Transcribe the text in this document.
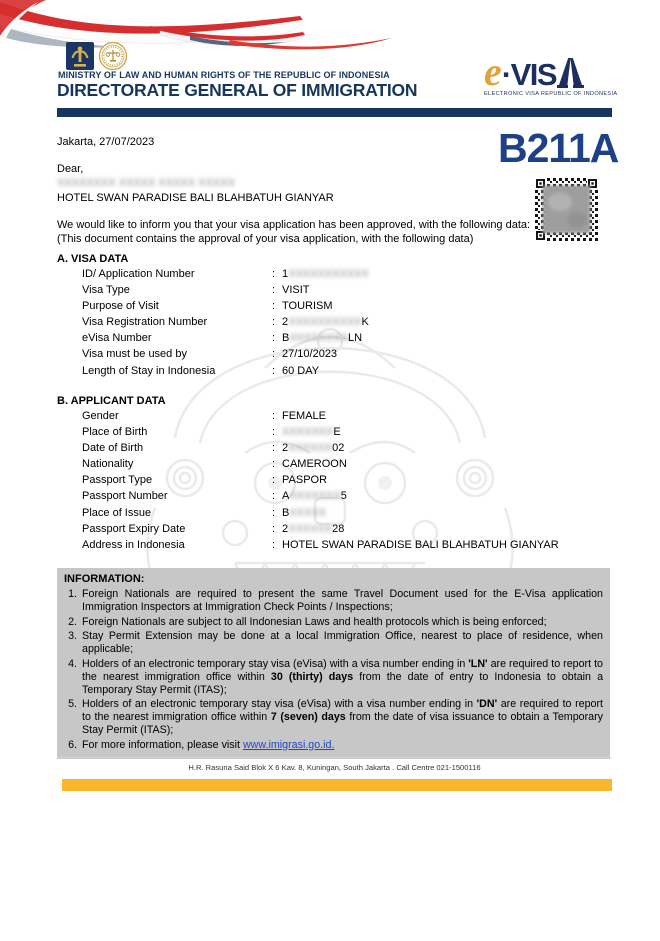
MINISTRY OF LAW AND HUMAN RIGHTS OF THE REPUBLIC OF INDONESIA
DIRECTORATE GENERAL OF IMMIGRATION e ·VIS
ELECTRONIC VISA REPUBLIC OF INDONESIA
B211A
Jakarta, 27/07/2023
Dear,
XXXXXXXX XXXXX XXXXX XXXXX
HOTEL SWAN PARADISE BALI BLAHBATUH GIANYAR
We would like to inform you that your visa application has been approved, with the following data:
(This document contains the approval of your visa application, with the following data)
A. VISA DATA
ID/ Application Number	: 1XXXXXXXXXXX
Visa Type	: VISIT
Purpose of Visit	: TOURISM
Visa Registration Number	: 2XXXXXXXXXXK
eVisa Number	: BXXXXXXXXLN
Visa must be used by	: 27/10/2023
Length of Stay in Indonesia	: 60 DAY
B. APPLICANT DATA
Gender	: FEMALE
Place of Birth	: XXXXXXXE
Date of Birth	: 2XXXXXX02
Nationality	: CAMEROON
Passport Type	: PASPOR
Passport Number	: AXXXXXXX5
Place of Issue	: BXXXXX
Passport Expiry Date	: 2XXXXXX28
Address in Indonesia	: HOTEL SWAN PARADISE BALI BLAHBATUH GIANYAR
INFORMATION:
1. Foreign Nationals are required to present the same Travel Document used for the E-Visa application Immigration Inspectors at Immigration Check Points / Inspections;
2. Foreign Nationals are subject to all Indonesian Laws and health protocols which is being enforced;
3. Stay Permit Extension may be done at a local Immigration Office, nearest to place of residence, when applicable;
4. Holders of an electronic temporary stay visa (eVisa) with a visa number ending in 'LN' are required to report to the nearest immigration office within 30 (thirty) days from the date of entry to Indonesia to obtain a Temporary Stay Permit (ITAS);
5. Holders of an electronic temporary stay visa (eVisa) with a visa number ending in 'DN' are required to report to the nearest immigration office within 7 (seven) days from the date of visa issuance to obtain a Temporary Stay Permit (ITAS);
6. For more information, please visit www.imigrasi.go.id.
H.R. Rasuna Said Blok X 6 Kav. 8, Kuningan, South Jakarta . Call Centre 021-1500116
